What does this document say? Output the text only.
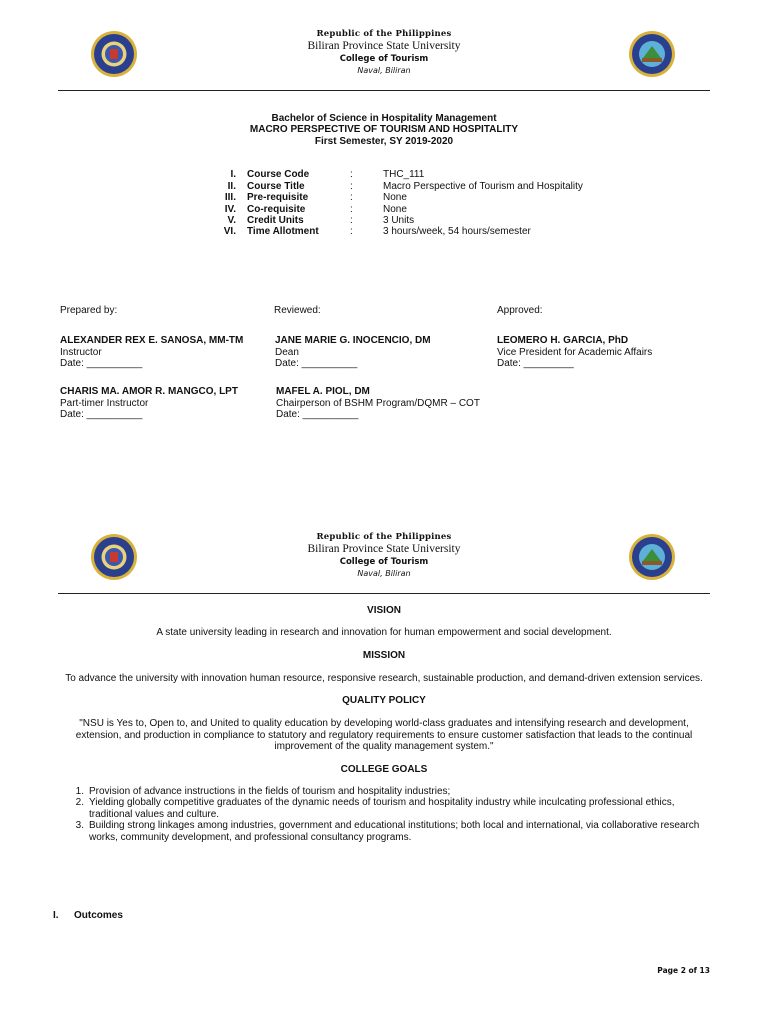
Republic of the Philippines
Biliran Province State University
College of Tourism
Naval, Biliran
Bachelor of Science in Hospitality Management
MACRO PERSPECTIVE OF TOURISM AND HOSPITALITY
First Semester, SY 2019-2020
I. Course Code	:	THC_111
II. Course Title	:	Macro Perspective of Tourism and Hospitality
III. Pre-requisite	:	None
IV. Co-requisite	:	None
V. Credit Units	:	3 Units
VI. Time Allotment	:	3 hours/week, 54 hours/semester
Prepared by:	Reviewed:	Approved:
ALEXANDER REX E. SANOSA, MM-TM
Instructor
Date: __________
JANE MARIE G. INOCENCIO, DM
Dean
Date: __________
LEOMERO H. GARCIA, PhD
Vice President for Academic Affairs
Date: _________
CHARIS MA. AMOR R. MANGCO, LPT
Part-timer Instructor
Date: __________
MAFEL A. PIOL, DM
Chairperson of BSHM Program/DQMR – COT
Date: __________
Republic of the Philippines
Biliran Province State University
College of Tourism
Naval, Biliran
VISION
A state university leading in research and innovation for human empowerment and social development.
MISSION
To advance the university with innovation human resource, responsive research, sustainable production, and demand-driven extension services.
QUALITY POLICY
"NSU is Yes to, Open to, and United to quality education by developing world-class graduates and intensifying research and development, extension, and production in compliance to statutory and regulatory requirements to ensure customer satisfaction that leads to the continual improvement of the quality management system."
COLLEGE GOALS
1. Provision of advance instructions in the fields of tourism and hospitality industries;
2. Yielding globally competitive graduates of the dynamic needs of tourism and hospitality industry while inculcating professional ethics, traditional values and culture.
3. Building strong linkages among industries, government and educational institutions; both local and international, via collaborative research works, community development, and professional consultancy programs.
I. Outcomes
Page 2 of 13
